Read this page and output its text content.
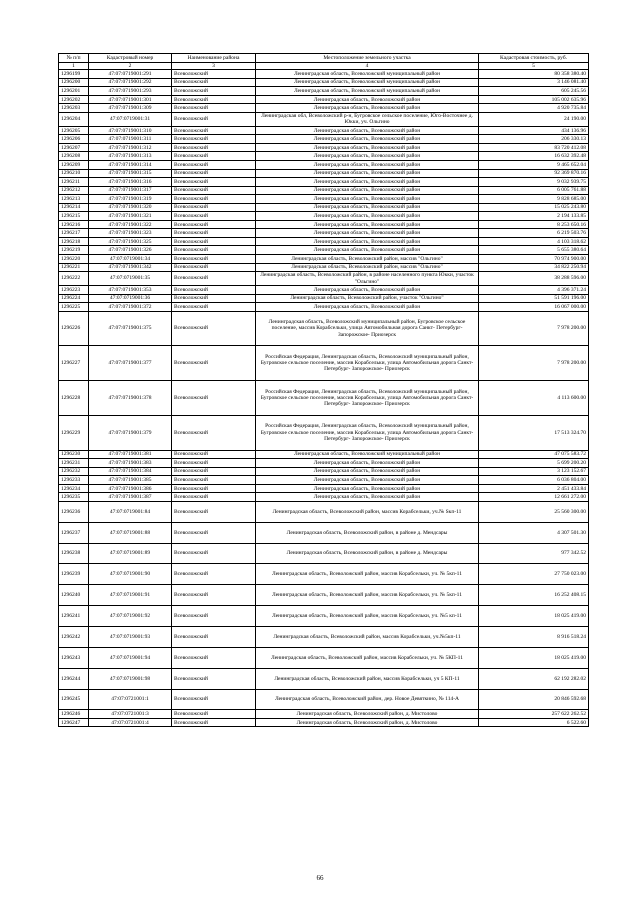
№ п/п	Кадастровый номер	Наименование района	Местоположение земельного участка	Кадастровая стоимость, руб.
1	2	3	4	5
1296199	47:07:0719001:291	Всеволожский	Ленинградская область, Всеволожский муниципальный район	80 358 380.40
1296200	47:07:0719001:292	Всеволожский	Ленинградская область, Всеволожский муниципальный район	3 146 081.40
1296201	47:07:0719001:293	Всеволожский	Ленинградская область, Всеволожский муниципальный район	605 245.56
1296202	47:07:0719001:301	Всеволожский	Ленинградская область, Всеволожский район	105 002 635.96
1296203	47:07:0719001:309	Всеволожский	Ленинградская область, Всеволожский район	4 920 735.84
1296204	47:07:0719001:31	Всеволожский	Ленинградская обл, Всеволожский р-н, Бугровское сельское поселение, Юго-Восточнее д. Юкки, уч. Ольгино	24 190.00
1296205	47:07:0719001:310	Всеволожский	Ленинградская область, Всеволожский район	434 136.96
1296206	47:07:0719001:311	Всеволожский	Ленинградская область, Всеволожский район	206 330.13
1296207	47:07:0719001:312	Всеволожский	Ленинградская область, Всеволожский район	83 720 412.08
1296208	47:07:0719001:313	Всеволожский	Ленинградская область, Всеволожский район	16 632 392.48
1296209	47:07:0719001:314	Всеволожский	Ленинградская область, Всеволожский район	9 465 652.04
1296210	47:07:0719001:315	Всеволожский	Ленинградская область, Всеволожский район	92 369 870.16
1296211	47:07:0719001:316	Всеволожский	Ленинградская область, Всеволожский район	9 032 939.75
1296212	47:07:0719001:317	Всеволожский	Ленинградская область, Всеволожский район	6 005 761.88
1296213	47:07:0719001:319	Всеволожский	Ленинградская область, Всеволожский район	9 828 685.00
1296214	47:07:0719001:320	Всеволожский	Ленинградская область, Всеволожский район	15 025 243.80
1296215	47:07:0719001:321	Всеволожский	Ленинградская область, Всеволожский район	2 194 133.85
1296216	47:07:0719001:322	Всеволожский	Ленинградская область, Всеволожский район	8 253 650.16
1296217	47:07:0719001:323	Всеволожский	Ленинградская область, Всеволожский район	6 219 503.76
1296218	47:07:0719001:325	Всеволожский	Ленинградская область, Всеволожский район	4 103 318.62
1296219	47:07:0719001:326	Всеволожский	Ленинградская область, Всеволожский район	5 655 380.64
1296220	47:07:0719001:34	Всеволожский	Ленинградская область, Всеволожский район, массив "Ольгино"	70 974 900.00
1296221	47:07:0719001:342	Всеволожский	Ленинградская область, Всеволожский район, массив "Ольгино"	34 822 250.94
1296222	47:07:0719001:35	Всеволожский	Ленинградская область, Всеволожский район, в районе населенного пункта Юкки, участок "Ольгино"	38 288 596.00
1296223	47:07:0719001:353	Всеволожский	Ленинградская область, Всеволожский район	4 396 371.24
1296224	47:07:0719001:36	Всеволожский	Ленинградская область, Всеволожский район, участок "Ольгино"	51 591 196.00
1296225	47:07:0719001:372	Всеволожский	Ленинградская область, Всеволожский район	16 067 000.00
1296226	47:07:0719001:375	Всеволожский	Ленинградская область, Всеволожский муниципальный район, Бугровское сельское поселение, массив Корабсельки, улица Автомобильная дорога Санкт- Петербург- Запорожское- Приозерск	7 978 200.00
1296227	47:07:0719001:377	Всеволожский	Российская Федерация, Ленинградская область, Всеволожский муниципальный район, Бугровское сельское поселение, массив Корабсельки, улица Автомобильная дорога Санкт- Петербург- Запорожское- Приозерск	7 978 200.00
1296228	47:07:0719001:378	Всеволожский	Российская Федерация, Ленинградская область, Всеволожский муниципальный район, Бугровское сельское поселение, массив Корабсельки, улица Автомобильная дорога Санкт- Петербург- Запорожское- Приозерск	4 113 600.00
1296229	47:07:0719001:379	Всеволожский	Российская Федерация, Ленинградская область, Всеволожский муниципальный район, Бугровское сельское поселение, массив Корабсельки, улица Автомобильная дорога Санкт- Петербург- Запорожское- Приозерск	17 513 324.70
1296230	47:07:0719001:381	Всеволожский	Ленинградская область, Всеволожский муниципальный район	47 075 583.72
1296231	47:07:0719001:383	Всеволожский	Ленинградская область, Всеволожский район	5 699 200.20
1296232	47:07:0719001:384	Всеволожский	Ленинградская область, Всеволожский район	3 123 152.67
1296233	47:07:0719001:385	Всеволожский	Ленинградская область, Всеволожский район	6 036 804.00
1296234	47:07:0719001:386	Всеволожский	Ленинградская область, Всеволожский район	2 451 433.84
1296235	47:07:0719001:387	Всеволожский	Ленинградская область, Всеволожский район	12 661 272.00
1296236	47:07:0719001:84	Всеволожский	Ленинградская область, Всеволожский район, массив Корабсельки, уч.№ Sкп-11	25 560 300.00
1296237	47:07:0719001:88	Всеволожский	Ленинградская область, Всеволожский район, в районе д. Мендсары	4 307 501.30
1296238	47:07:0719001:89	Всеволожский	Ленинградская область, Всеволожский район, в районе д. Мендсары	977 342.52
1296239	47:07:0719001:90	Всеволожский	Ленинградская область, Всеволожский район, массив Корабсельки, уч. № 5кп-11	27 750 023.00
1296240	47:07:0719001:91	Всеволожский	Ленинградская область, Всеволожский район, массив Корабсельки, уч. № 5кп-11	16 252 408.15
1296241	47:07:0719001:92	Всеволожский	Ленинградская область, Всеволожский район, массив Корабсельки, уч. №5 кп-11	18 025 419.00
1296242	47:07:0719001:93	Всеволожский	Ленинградская область, Всеволожский район, массив Корабсельки, уч.№5кп-11	8 916 518.24
1296243	47:07:0719001:94	Всеволожский	Ленинградская область, Всеволожский район, массив Корабсельки, уч. № 5КП-11	18 025 419.00
1296244	47:07:0719001:98	Всеволожский	Ленинградская область, Всеволожский район, массив Корабсельки, уч 5 КП-11	62 192 282.02
1296245	47:07:0721001:1	Всеволожский	Ленинградская область, Всеволожский район, дер. Новое Девяткино, № 114-А	20 846 592.68
1296246	47:07:0721001:3	Всеволожский	Ленинградская область, Всеволожский район, д. Мистолово	257 622 262.52
1296247	47:07:0721001:4	Всеволожский	Ленинградская область, Всеволожский район, д. Мистолово	6 522.60
66
